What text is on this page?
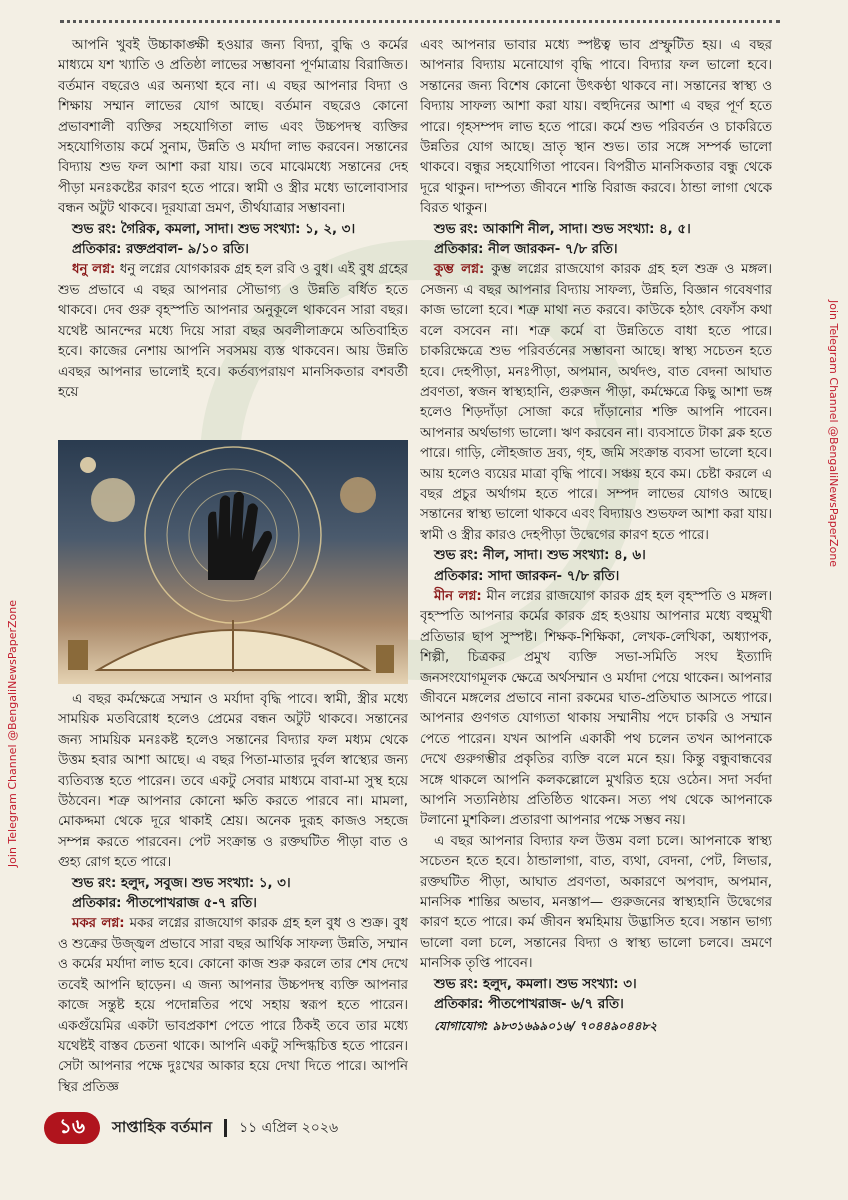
আপনি খুবই উচ্চাকাঙ্ক্ষী হওয়ার জন্য বিদ্যা, বুদ্ধি ও কর্মের মাধ্যমে যশ খ্যাতি ও প্রতিষ্ঠা লাভের সম্ভাবনা পূর্ণমাত্রায় বিরাজিত। বর্তমান বছরেও এর অন্যথা হবে না। এ বছর আপনার বিদ্যা ও শিক্ষায় সম্মান লাভের যোগ আছে। বর্তমান বছরেও কোনো প্রভাবশালী ব্যক্তির সহযোগিতা লাভ এবং উচ্চপদস্থ ব্যক্তির সহযোগিতায় কর্মে সুনাম, উন্নতি ও মর্যাদা লাভ করবেন। সন্তানের বিদ্যায় শুভ ফল আশা করা যায়। তবে মাঝেমধ্যে সন্তানের দেহ পীড়া মনঃকষ্টের কারণ হতে পারে। স্বামী ও স্ত্রীর মধ্যে ভালোবাসার বন্ধন অটুট থাকবে। দূরযাত্রা ভ্রমণ, তীর্থযাত্রার সম্ভাবনা।

শুভ রং: গৈরিক, কমলা, সাদা। শুভ সংখ্যা: ১, ২, ৩।

প্রতিকার: রক্তপ্রবাল- ৯/১০ রতি।

ধনু লগ্ন: ধনু লগ্নের যোগকারক গ্রহ হল রবি ও বুধ। এই বুধ গ্রহের শুভ প্রভাবে এ বছর আপনার সৌভাগ্য ও উন্নতি বর্ধিত হতে থাকবে। দেব গুরু বৃহস্পতি আপনার অনুকূলে থাকবেন সারা বছর। যথেষ্ট আনন্দের মধ্যে দিয়ে সারা বছর অবলীলাক্রমে অতিবাহিত হবে। কাজের নেশায় আপনি সবসময় ব্যস্ত থাকবেন। আয় উন্নতি এবছর আপনার ভালোই হবে। কর্তব্যপরায়ণ মানসিকতার বশবর্তী হয়ে

এ বছর কর্মক্ষেত্রে সম্মান ও মর্যাদা বৃদ্ধি পাবে। স্বামী, স্ত্রীর মধ্যে সাময়িক মতবিরোধ হলেও প্রেমের বন্ধন অটুট থাকবে। সন্তানের জন্য সাময়িক মনঃকষ্ট হলেও সন্তানের বিদ্যার ফল মধ্যম থেকে উত্তম হবার আশা আছে। এ বছর পিতা-মাতার দুর্বল স্বাস্থ্যের জন্য ব্যতিব্যস্ত হতে পারেন। তবে একটু সেবার মাধ্যমে বাবা-মা সুস্থ হয়ে উঠবেন। শত্রু আপনার কোনো ক্ষতি করতে পারবে না। মামলা, মোকদ্দমা থেকে দূরে থাকাই শ্রেয়। অনেক দুরূহ কাজও সহজে সম্পন্ন করতে পারবেন। পেট সংক্রান্ত ও রক্তঘটিত পীড়া বাত ও গুহ্য রোগ হতে পারে।

শুভ রং: হলুদ, সবুজ। শুভ সংখ্যা: ১, ৩।

প্রতিকার: পীতপোখরাজ ৫-৭ রতি।

মকর লগ্ন: মকর লগ্নের রাজযোগ কারক গ্রহ হল বুধ ও শুক্র। বুধ ও শুক্রের উজ্জ্বল প্রভাবে সারা বছর আর্থিক সাফল্য উন্নতি, সম্মান ও কর্মের মর্যাদা লাভ হবে। কোনো কাজ শুরু করলে তার শেষ দেখে তবেই আপনি ছাড়েন। এ জন্য আপনার উচ্চপদস্থ ব্যক্তি আপনার কাজে সন্তুষ্ট হয়ে পদোন্নতির পথে সহায় স্বরূপ হতে পারেন। একগুঁয়েমির একটা ভাবপ্রকাশ পেতে পারে ঠিকই তবে তার মধ্যে যথেষ্টই বাস্তব চেতনা থাকে। আপনি একটু সন্দিগ্ধচিত্ত হতে পারেন। সেটা আপনার পক্ষে দুঃখের আকার হয়ে দেখা দিতে পারে। আপনি স্থির প্রতিজ্ঞ

এবং আপনার ভাবার মধ্যে স্পষ্টত্ব ভাব প্রস্ফুটিত হয়। এ বছর আপনার বিদ্যায় মনোযোগ বৃদ্ধি পাবে। বিদ্যার ফল ভালো হবে। সন্তানের জন্য বিশেষ কোনো উৎকণ্ঠা থাকবে না। সন্তানের স্বাস্থ্য ও বিদ্যায় সাফল্য আশা করা যায়। বহুদিনের আশা এ বছর পূর্ণ হতে পারে। গৃহসম্পদ লাভ হতে পারে। কর্মে শুভ পরিবর্তন ও চাকরিতে উন্নতির যোগ আছে। ভ্রাতৃ স্থান শুভ। তার সঙ্গে সম্পর্ক ভালো থাকবে। বন্ধুর সহযোগিতা পাবেন। বিপরীত মানসিকতার বন্ধু থেকে দূরে থাকুন। দাম্পত্য জীবনে শান্তি বিরাজ করবে। ঠান্ডা লাগা থেকে বিরত থাকুন।

শুভ রং: আকাশি নীল, সাদা। শুভ সংখ্যা: ৪, ৫।

প্রতিকার: নীল জারকন- ৭/৮ রতি।

কুম্ভ লগ্ন: কুম্ভ লগ্নের রাজযোগ কারক গ্রহ হল শুক্র ও মঙ্গল। সেজন্য এ বছর আপনার বিদ্যায় সাফল্য, উন্নতি, বিজ্ঞান গবেষণার কাজ ভালো হবে। শত্রু মাথা নত করবে। কাউকে হঠাৎ বেফাঁস কথা বলে বসবেন না। শত্রু কর্মে বা উন্নতিতে বাধা হতে পারে। চাকরিক্ষেত্রে শুভ পরিবর্তনের সম্ভাবনা আছে। স্বাস্থ্য সচেতন হতে হবে। দেহপীড়া, মনঃপীড়া, অপমান, অর্থদণ্ড, বাত বেদনা আঘাত প্রবণতা, স্বজন স্বাস্থ্যহানি, গুরুজন পীড়া, কর্মক্ষেত্রে কিছু আশা ভঙ্গ হলেও শিড়দাঁড়া সোজা করে দাঁড়ানোর শক্তি আপনি পাবেন। আপনার অর্থভাগ্য ভালো। ঋণ করবেন না। ব্যবসাতে টাকা ব্লক হতে পারে। গাড়ি, লৌহজাত দ্রব্য, গৃহ, জমি সংক্রান্ত ব্যবসা ভালো হবে। আয় হলেও ব্যয়ের মাত্রা বৃদ্ধি পাবে। সঞ্চয় হবে কম। চেষ্টা করলে এ বছর প্রচুর অর্থাগম হতে পারে। সম্পদ লাভের যোগও আছে। সন্তানের স্বাস্থ্য ভালো থাকবে এবং বিদ্যায়ও শুভফল আশা করা যায়। স্বামী ও স্ত্রীর কারও দেহপীড়া উদ্বেগের কারণ হতে পারে।

শুভ রং: নীল, সাদা। শুভ সংখ্যা: ৪, ৬।

প্রতিকার: সাদা জারকন- ৭/৮ রতি।

মীন লগ্ন: মীন লগ্নের রাজযোগ কারক গ্রহ হল বৃহস্পতি ও মঙ্গল। বৃহস্পতি আপনার কর্মের কারক গ্রহ হওয়ায় আপনার মধ্যে বহুমুখী প্রতিভার ছাপ সুস্পষ্ট। শিক্ষক-শিক্ষিকা, লেখক-লেখিকা, অধ্যাপক, শিল্পী, চিত্রকর প্রমুখ ব্যক্তি সভা-সমিতি সংঘ ইত্যাদি জনসংযোগমূলক ক্ষেত্রে অর্থসম্মান ও মর্যাদা পেয়ে থাকেন। আপনার জীবনে মঙ্গলের প্রভাবে নানা রকমের ঘাত-প্রতিঘাত আসতে পারে। আপনার গুণগত যোগ্যতা থাকায় সম্মানীয় পদে চাকরি ও সম্মান পেতে পারেন। যখন আপনি একাকী পথ চলেন তখন আপনাকে দেখে গুরুগম্ভীর প্রকৃতির ব্যক্তি বলে মনে হয়। কিন্তু বন্ধুবান্ধবের সঙ্গে থাকলে আপনি কলকল্লোলে মুখরিত হয়ে ওঠেন। সদা সর্বদা আপনি সত্যনিষ্ঠায় প্রতিষ্ঠিত থাকেন। সত্য পথ থেকে আপনাকে টলানো মুশকিল। প্রতারণা আপনার পক্ষে সম্ভব নয়।

এ বছর আপনার বিদ্যার ফল উত্তম বলা চলে। আপনাকে স্বাস্থ্য সচেতন হতে হবে। ঠান্ডালাগা, বাত, ব্যথা, বেদনা, পেট, লিভার, রক্তঘটিত পীড়া, আঘাত প্রবণতা, অকারণে অপবাদ, অপমান, মানসিক শান্তির অভাব, মনস্তাপ— গুরুজনের স্বাস্থ্যহানি উদ্বেগের কারণ হতে পারে। কর্ম জীবন স্বমহিমায় উদ্ভাসিত হবে। সন্তান ভাগ্য ভালো বলা চলে, সন্তানের বিদ্যা ও স্বাস্থ্য ভালো চলবে। ভ্রমণে মানসিক তৃপ্তি পাবেন।

শুভ রং: হলুদ, কমলা। শুভ সংখ্যা: ৩।

প্রতিকার: পীতপোখরাজ- ৬/৭ রতি।

যোগাযোগ: ৯৮৩১৬৯৯০১৬/ ৭০৪৪৯০৪৪৮২

১৬	সাপ্তাহিক বর্তমান ১১ এপ্রিল ২০২৬
Join Telegram Channel @BengaliNewsPaperZone
Join Telegram Channel @BengaliNewsPaperZone
